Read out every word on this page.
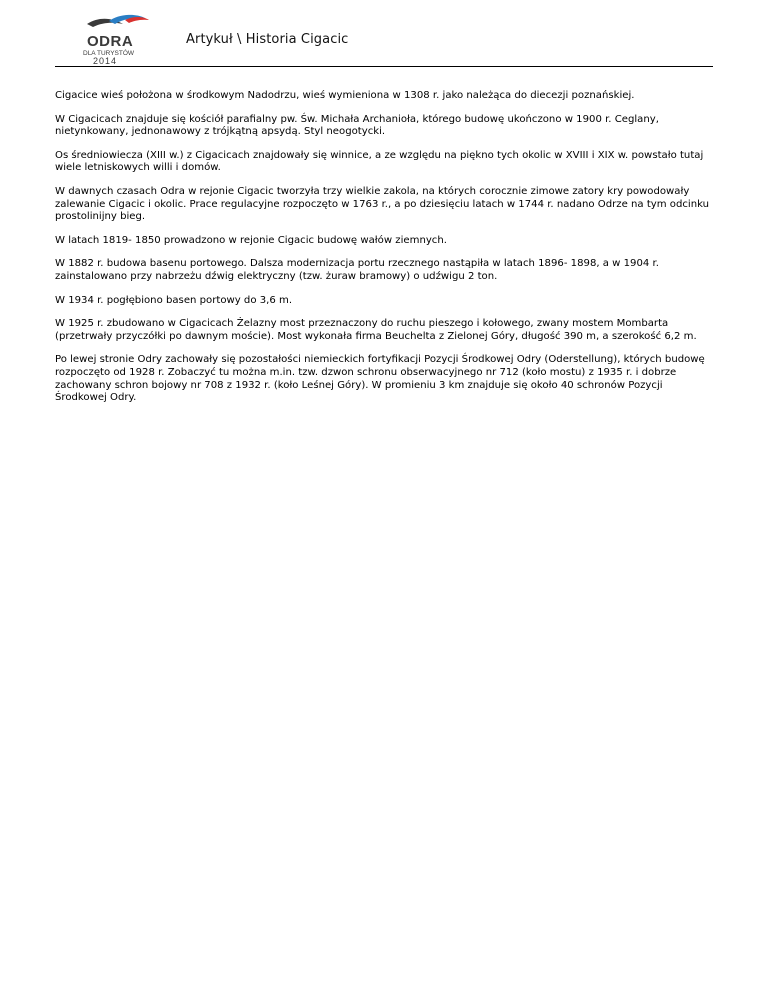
ODRA
DLA TURYSTÓW
2014
Artykuł \ Historia Cigacic

Cigacice wieś położona w środkowym Nadodrzu, wieś wymieniona w 1308 r. jako należąca do diecezji poznańskiej.

W Cigacicach znajduje się kościół parafialny pw. Św. Michała Archanioła, którego budowę ukończono w 1900 r. Ceglany, nietynkowany, jednonawowy z trójkątną apsydą. Styl neogotycki.

Os średniowiecza (XIII w.) z Cigacicach znajdowały się winnice, a ze względu na piękno tych okolic w XVIII i XIX w. powstało tutaj wiele letniskowych willi i domów.

W dawnych czasach Odra w rejonie Cigacic tworzyła trzy wielkie zakola, na których corocznie zimowe zatory kry powodowały zalewanie Cigacic i okolic. Prace regulacyjne rozpoczęto w 1763 r., a po dziesięciu latach w 1744 r. nadano Odrze na tym odcinku prostolinijny bieg.

W latach 1819- 1850 prowadzono w rejonie Cigacic budowę wałów ziemnych.

W 1882 r. budowa basenu portowego. Dalsza modernizacja portu rzecznego nastąpiła w latach 1896- 1898, a w 1904 r. zainstalowano przy nabrzeżu dźwig elektryczny (tzw. żuraw bramowy) o udźwigu 2 ton.

W 1934 r. pogłębiono basen portowy do 3,6 m.

W 1925 r. zbudowano w Cigacicach Żelazny most przeznaczony do ruchu pieszego i kołowego, zwany mostem Mombarta (przetrwały przyczółki po dawnym moście). Most wykonała firma Beuchelta z Zielonej Góry, długość 390 m, a szerokość 6,2 m.

Po lewej stronie Odry zachowały się pozostałości niemieckich fortyfikacji Pozycji Środkowej Odry (Oderstellung), których budowę rozpoczęto od 1928 r. Zobaczyć tu można m.in. tzw. dzwon schronu obserwacyjnego nr 712 (koło mostu) z 1935 r. i dobrze zachowany schron bojowy nr 708 z 1932 r. (koło Leśnej Góry). W promieniu 3 km znajduje się około 40 schronów Pozycji Środkowej Odry.
